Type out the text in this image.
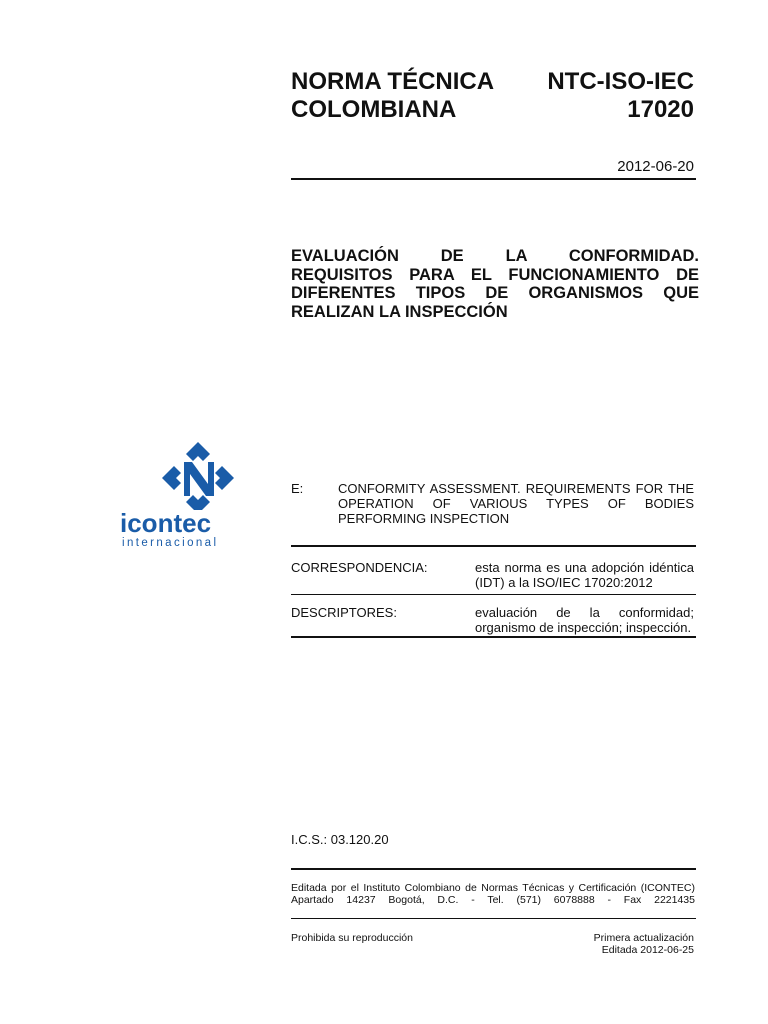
NORMA TÉCNICA
COLOMBIANA
NTC-ISO-IEC
17020
2012-06-20
EVALUACIÓN DE LA CONFORMIDAD.
REQUISITOS PARA EL FUNCIONAMIENTO DE
DIFERENTES TIPOS DE ORGANISMOS QUE
REALIZAN LA INSPECCIÓN
icontec
internacional
E:	CONFORMITY ASSESSMENT. REQUIREMENTS FOR THE
OPERATION OF VARIOUS TYPES OF BODIES
PERFORMING INSPECTION
CORRESPONDENCIA:	esta norma es una adopción idéntica
(IDT) a la ISO/IEC 17020:2012
DESCRIPTORES:	evaluación de la conformidad;
organismo de inspección; inspección.
I.C.S.: 03.120.20
Editada por el Instituto Colombiano de Normas Técnicas y Certificación (ICONTEC)
Apartado 14237 Bogotá, D.C. - Tel. (571) 6078888 - Fax 2221435
Prohibida su reproducción	Primera actualización
Editada 2012-06-25
